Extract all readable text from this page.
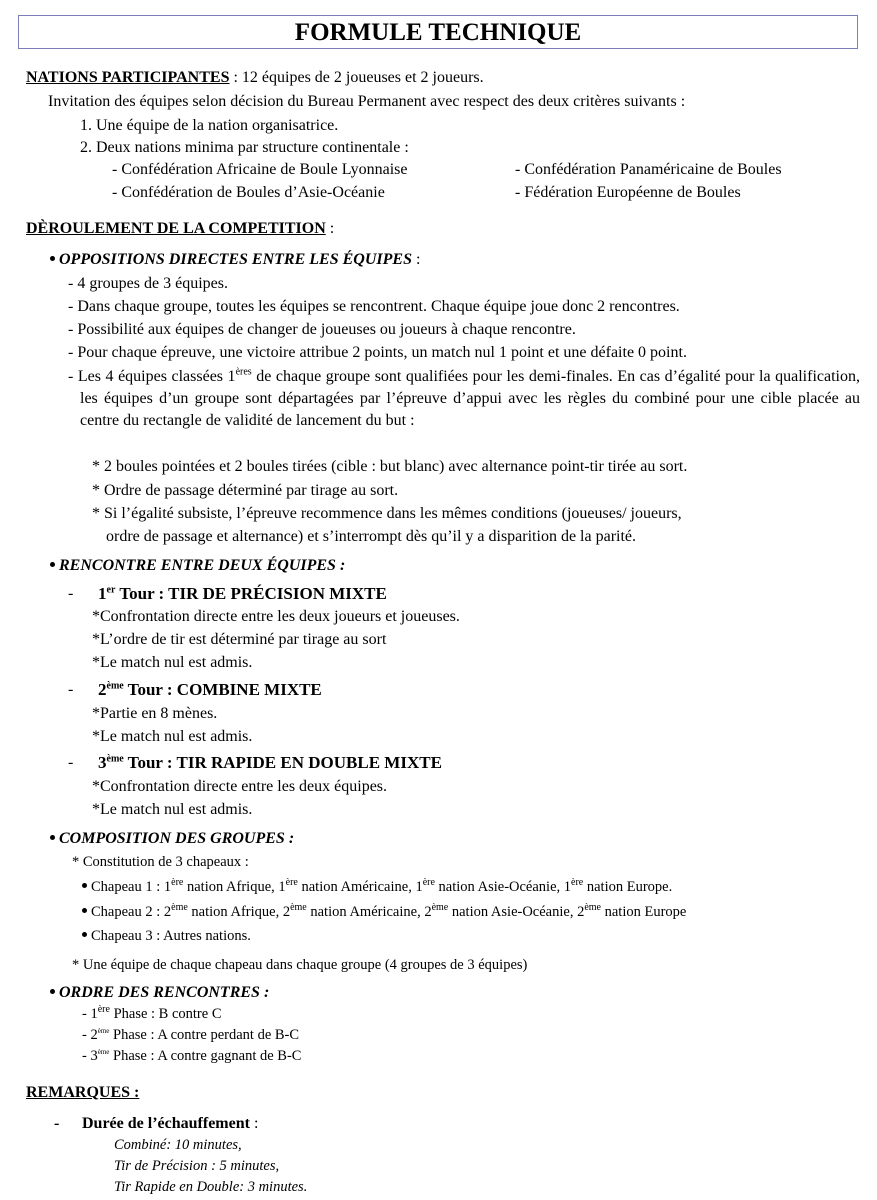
FORMULE TECHNIQUE
NATIONS PARTICIPANTES : 12 équipes de 2 joueuses et 2 joueurs.
Invitation des équipes selon décision du Bureau Permanent avec respect des deux critères suivants :
1. Une équipe de la nation organisatrice.
2. Deux nations minima par structure continentale :
- Confédération Africaine de Boule Lyonnaise	- Confédération Panaméricaine de Boules
- Confédération de Boules d’Asie-Océanie	- Fédération Européenne de Boules
DÈROULEMENT DE LA COMPETITION :
OPPOSITIONS DIRECTES ENTRE LES ÉQUIPES :
- 4 groupes de 3 équipes.
- Dans chaque groupe, toutes les équipes se rencontrent. Chaque équipe joue donc 2 rencontres.
- Possibilité aux équipes de changer de joueuses ou joueurs à chaque rencontre.
- Pour chaque épreuve, une victoire attribue 2 points, un match nul 1 point et une défaite 0 point.
- Les 4 équipes classées 1ères de chaque groupe sont qualifiées pour les demi-finales. En cas d’égalité pour la qualification, les équipes d’un groupe sont départagées par l’épreuve d’appui avec les règles du combiné pour une cible placée au centre du rectangle de validité de lancement du but :
* 2 boules pointées et 2 boules tirées (cible : but blanc) avec alternance point-tir tirée au sort.
* Ordre de passage déterminé par tirage au sort.
* Si l’égalité subsiste, l’épreuve recommence dans les mêmes conditions (joueuses/ joueurs,
ordre de passage et alternance) et s’interrompt dès qu’il y a disparition de la parité.
RENCONTRE ENTRE DEUX ÉQUIPES :
- 1er Tour : TIR DE PRÉCISION MIXTE
*Confrontation directe entre les deux joueurs et joueuses.
*L’ordre de tir est déterminé par tirage au sort
*Le match nul est admis.
- 2ème Tour : COMBINE MIXTE
*Partie en 8 mènes.
*Le match nul est admis.
- 3ème Tour : TIR RAPIDE EN DOUBLE MIXTE
*Confrontation directe entre les deux équipes.
*Le match nul est admis.
COMPOSITION DES GROUPES :
* Constitution de 3 chapeaux :
Chapeau 1 : 1ère nation Afrique, 1ère nation Américaine, 1ère nation Asie-Océanie, 1ère nation Europe.
Chapeau 2 : 2ème nation Afrique, 2ème nation Américaine, 2ème nation Asie-Océanie, 2ème nation Europe
Chapeau 3 : Autres nations.
* Une équipe de chaque chapeau dans chaque groupe (4 groupes de 3 équipes)
ORDRE DES RENCONTRES :
- 1ère Phase : B contre C
- 2ème Phase : A contre perdant de B-C
- 3ème Phase : A contre gagnant de B-C
REMARQUES :
- Durée de l’échauffement :
Combiné: 10 minutes,
Tir de Précision : 5 minutes,
Tir Rapide en Double: 3 minutes.
